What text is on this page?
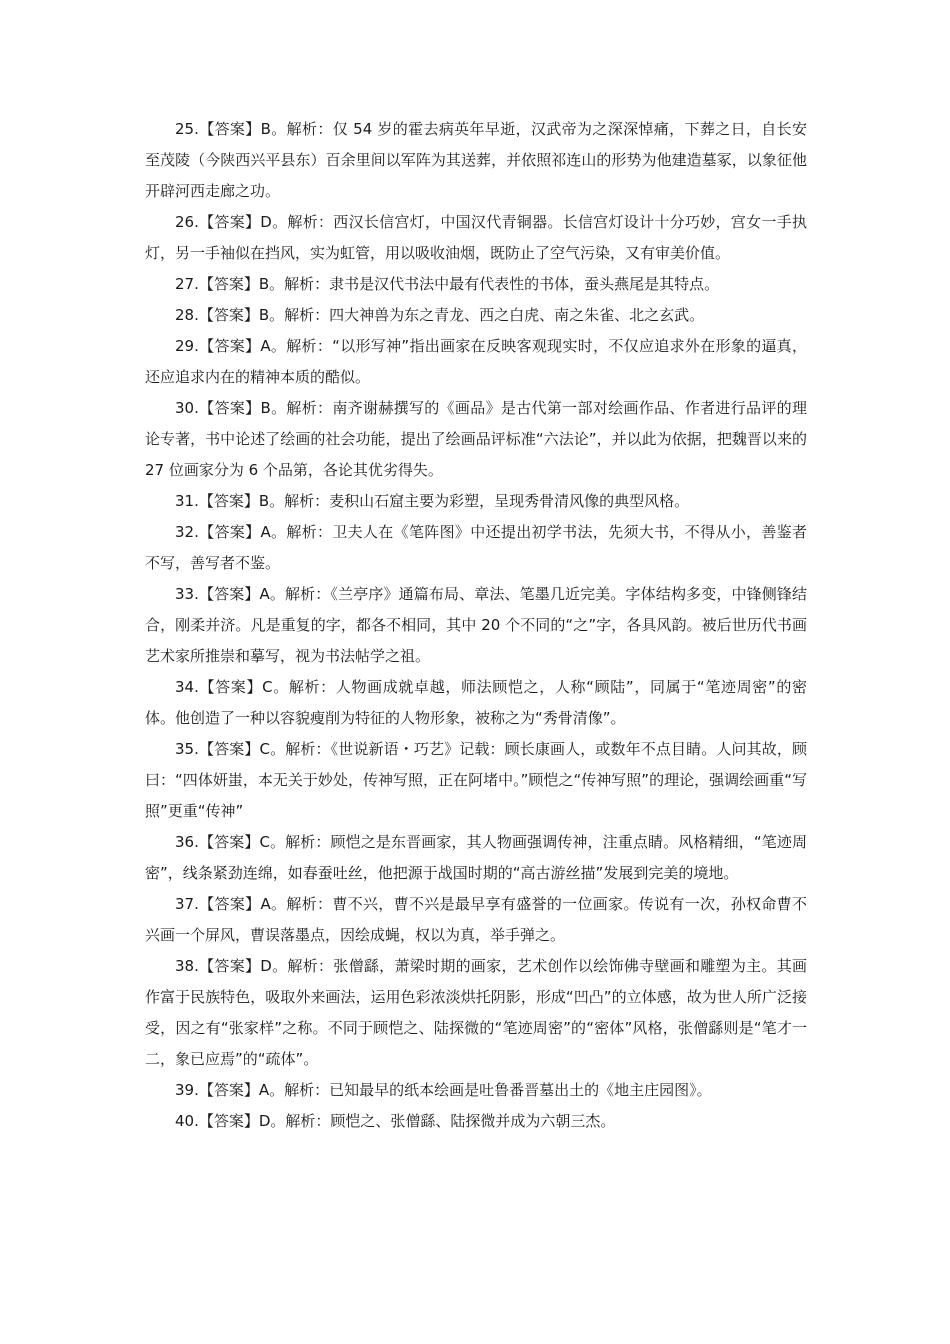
25.【答案】B。解析：仅 54 岁的霍去病英年早逝，汉武帝为之深深悼痛，下葬之日，自长安至茂陵（今陕西兴平县东）百余里间以军阵为其送葬，并依照祁连山的形势为他建造墓冢，以象征他开辟河西走廊之功。

26.【答案】D。解析：西汉长信宫灯，中国汉代青铜器。长信宫灯设计十分巧妙，宫女一手执灯，另一手袖似在挡风，实为虹管，用以吸收油烟，既防止了空气污染，又有审美价值。

27.【答案】B。解析：隶书是汉代书法中最有代表性的书体，蚕头燕尾是其特点。

28.【答案】B。解析：四大神兽为东之青龙、西之白虎、南之朱雀、北之玄武。

29.【答案】A。解析：“以形写神”指出画家在反映客观现实时，不仅应追求外在形象的逼真，还应追求内在的精神本质的酷似。

30.【答案】B。解析：南齐谢赫撰写的《画品》是古代第一部对绘画作品、作者进行品评的理论专著，书中论述了绘画的社会功能，提出了绘画品评标准“六法论”，并以此为依据，把魏晋以来的 27 位画家分为 6 个品第，各论其优劣得失。

31.【答案】B。解析：麦积山石窟主要为彩塑，呈现秀骨清风像的典型风格。

32.【答案】A。解析：卫夫人在《笔阵图》中还提出初学书法，先须大书，不得从小，善鉴者不写，善写者不鉴。

33.【答案】A。解析：《兰亭序》通篇布局、章法、笔墨几近完美。字体结构多变，中锋侧锋结合，刚柔并济。凡是重复的字，都各不相同，其中 20 个不同的“之”字，各具风韵。被后世历代书画艺术家所推崇和摹写，视为书法帖学之祖。

34.【答案】C。解析：人物画成就卓越，师法顾恺之，人称“顾陆”，同属于“笔迹周密”的密体。他创造了一种以容貌瘦削为特征的人物形象，被称之为“秀骨清像”。

35.【答案】C。解析：《世说新语・巧艺》记载：顾长康画人，或数年不点目睛。人问其故，顾曰：“四体妍蚩，本无关于妙处，传神写照，正在阿堵中。”顾恺之“传神写照”的理论，强调绘画重“写照”更重“传神”

36.【答案】C。解析：顾恺之是东晋画家，其人物画强调传神，注重点睛。风格精细，“笔迹周密”，线条紧劲连绵，如春蚕吐丝，他把源于战国时期的“高古游丝描”发展到完美的境地。

37.【答案】A。解析：曹不兴，曹不兴是最早享有盛誉的一位画家。传说有一次，孙权命曹不兴画一个屏风，曹误落墨点，因绘成蝇，权以为真，举手弹之。

38.【答案】D。解析：张僧繇，萧梁时期的画家，艺术创作以绘饰佛寺壁画和雕塑为主。其画作富于民族特色，吸取外来画法，运用色彩浓淡烘托阴影，形成“凹凸”的立体感，故为世人所广泛接受，因之有“张家样”之称。不同于顾恺之、陆探微的“笔迹周密”的“密体”风格，张僧繇则是“笔才一二，象已应焉”的“疏体”。

39.【答案】A。解析：已知最早的纸本绘画是吐鲁番晋墓出土的《地主庄园图》。

40.【答案】D。解析：顾恺之、张僧繇、陆探微并成为六朝三杰。
